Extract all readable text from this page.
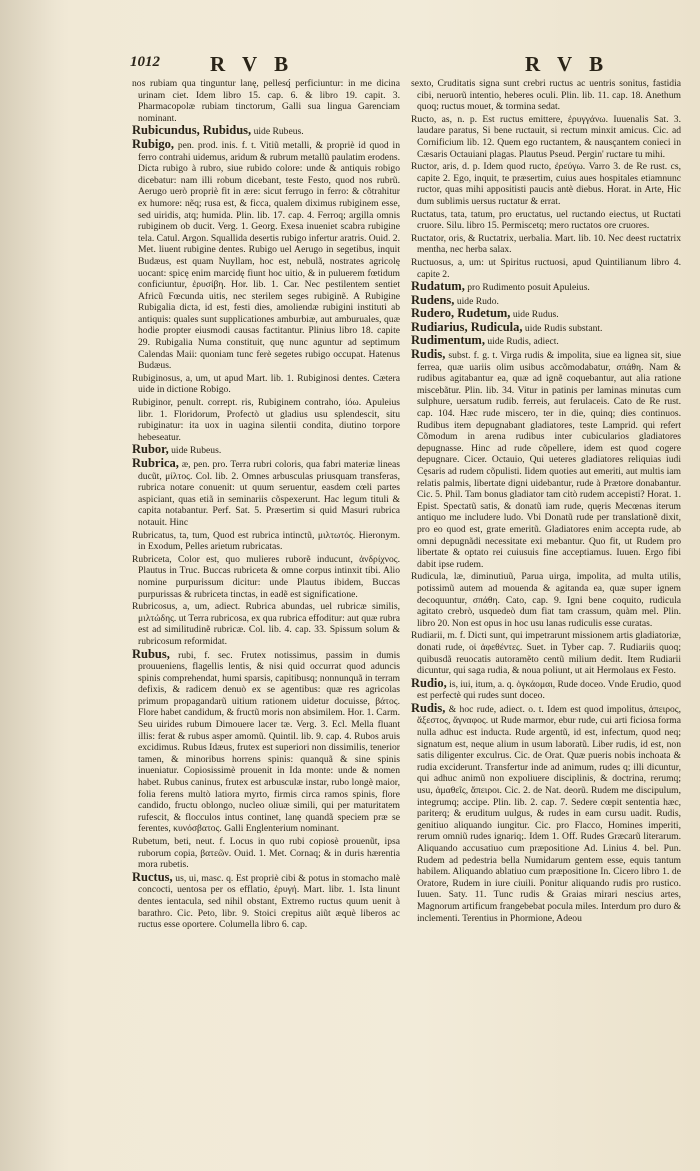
1012 R V B	R V B

nos rubiam qua tinguntur lanę, pellesq́ perficiuntur: in me dicina urinam ciet. Idem libro 15. cap. 6. & libro 19. capit. 3. Pharmacopolæ rubiam tinctorum, Galli sua lingua Garenciam nominant.

Rubicundus, Rubidus, uide Rubeus.

Rubigo, pen. prod. inis. f. t. Vitiũ metalli, & propriè id quod in ferro contrahi uidemus, aridum & rubrum metallũ paulatim erodens. Dicta rubigo à rubro, siue rubido colore: unde & antiquis robigo dicebatur: nam illi robum dicebant, teste Festo, quod nos rubrũ. Aerugo uerò propriè fit in ære: sicut ferrugo in ferro: & cõtrahitur ex humore: nẽq; rusa est, & ficca, qualem diximus rubiginem esse, sed uiridis, atq; humida. Plin. lib. 17. cap. 4. Ferroq; argilla omnis rubiginem ob ducit. Verg. 1. Georg. Exesa inueniet scabra rubigine tela. Catul. Argon. Squallida desertis rubigo infertur aratris. Ouid. 2. Met. liuent rubigine dentes. Rubigo uel Aerugo in segetibus, inquit Budæus, est quam Nuyllam, hoc est, nebulã, nostrates agricolę uocant: spicę enim marcidę fiunt hoc uitio, & in puluerem fœtidum conficiuntur, ἐρυσίβη. Hor. lib. 1. Car. Nec pestilentem sentiet Africũ Fœcunda uitis, nec sterilem seges rubiginẽ. A Rubigine Rubigalia dicta, id est, festi dies, amoliendæ rubigini instituti ab antiquis: quales sunt supplicationes amburbiæ, aut amburuales, quæ hodie propter eiusmodi causas factitantur. Plinius libro 18. capite 29. Rubigalia Numa constituit, quę nunc aguntur ad septimum Calendas Maii: quoniam tunc ferè segetes rubigo occupat. Hatenus Budæus.

Rubiginosus, a, um, ut apud Mart. lib. 1. Rubiginosi dentes. Cætera uide in dictione Robigo.

Rubiginor, penult. corrept. ris, Rubiginem contraho, ἰόω. Apuleius libr. 1. Floridorum, Profectò ut gladius usu splendescit, situ rubiginatur: ita uox in uagina silentii condita, diutino torpore hebeseatur.

Rubor, uide Rubeus.

Rubrica, æ, pen. pro. Terra rubri coloris, qua fabri materiæ lineas ducũt, μίλτος. Col. lib. 2. Omnes arbusculas priusquam transferas, rubrica notare conuenit: ut quum seruentur, easdem cœli partes aspiciant, quas etiã in seminariis cõspexerunt. Hac legum tituli & capita notabantur. Perf. Sat. 5. Præsertim si quid Masuri rubrica notauit. Hinc

Rubricatus, ta, tum, Quod est rubrica intinctũ, μιλτωτός. Hieronym. in Exodum, Pelles arietum rubricatas.

Rubriceta, Color est, quo mulieres ruborẽ inducunt, ἀνδρίχνος. Plautus in Truc. Buccas rubriceta & omne corpus intinxit tibi. Alio nomine purpurissum dicitur: unde Plautus ibidem, Buccas purpurissas & rubriceta tinctas, in eadẽ est significatione.

Rubricosus, a, um, adiect. Rubrica abundas, uel rubricæ similis, μιλτώδης. ut Terra rubricosa, ex qua rubrica effoditur: aut quæ rubra est ad similitudinẽ rubricæ. Col. lib. 4. cap. 33. Spissum solum & rubricosum reformidat.

Rubus, rubi, f. sec. Frutex notissimus, passim in dumis prouueniens, flagellis lentis, & nisi quid occurrat quod aduncis spinis comprehendat, humi sparsis, capitibusq; nonnunquã in terram defixis, & radicem denuò ex se agentibus: quæ res agricolas primum propagandarũ uitium rationem uidetur docuisse, βάτος. Flore habet candidum, & fructũ moris non absimilem. Hor. 1. Carm. Seu uirides rubum Dimouere lacer tæ. Verg. 3. Ecl. Mella fluant illis: ferat & rubus asper amomũ. Quintil. lib. 9. cap. 4. Rubos aruis excidimus. Rubus Idæus, frutex est superiori non dissimilis, tenerior tamen, & minoribus horrens spinis: quanquã & sine spinis inueniatur. Copiosissimè prouenit in Ida monte: unde & nomen habet. Rubus caninus, frutex est arbusculæ instar, rubo longè maior, folia ferens multò latiora myrto, firmis circa ramos spinis, flore candido, fructu oblongo, nucleo oliuæ simili, qui per maturitatem rufescit, & flocculos intus continet, lanę quandã speciem præ se ferentes, κυνόσβατος. Galli Englenterium nominant.

Rubetum, beti, neut. f. Locus in quo rubi copiosè prouenũt, ipsa ruborum copia, βατεῶν. Ouid. 1. Met. Cornaq; & in duris hærentia mora rubetis.

Ructus, us, ui, masc. q. Est propriè cibi & potus in stomacho malè concocti, uentosa per os efflatio, ἐρυγή. Mart. libr. 1. Ista linunt dentes ientacula, sed nihil obstant, Extremo ructus quum uenit à barathro. Cic. Peto, libr. 9. Stoici crepitus aiũt æquè liberos ac ructus esse oportere. Columella libro 6. cap.

sexto, Cruditatis signa sunt crebri ructus ac uentris sonitus, fastidia cibi, neruorũ intentio, heberes oculi. Plin. lib. 11. cap. 18. Anethum quoq; ructus mouet, & tormina sedat.

Ructo, as, n. p. Est ructus emittere, ἐρυγγάνω. Iuuenalis Sat. 3. laudare paratus, Si bene ructauit, si rectum minxit amicus. Cic. ad Cornificium lib. 12. Quem ego ructantem, & nausçantem conieci in Cæsaris Octauiani plagas. Plautus Pseud. Pergin' ructare tu mihi.

Ructor, aris, d. p. Idem quod ructo, ἐρεύγω. Varro 3. de Re rust. cs, capite 2. Ego, inquit, te præsertim, cuius aues hospitales etiamnunc ructor, quas mihi appositisti paucis antè diebus. Horat. in Arte, Hic dum sublimis uersus ructatur & errat.

Ructatus, tata, tatum, pro eructatus, uel ructando eiectus, ut Ructati cruore. Silu. libro 15. Permiscetq; mero ructatos ore cruores.

Ructator, oris, & Ructatrix, uerbalia. Mart. lib. 10. Nec deest ructatrix mentha, nec herba salax.

Ructuosus, a, um: ut Spiritus ructuosi, apud Quintilianum libro 4. capite 2.

Rudatum, pro Rudimento posuit Apuleius.

Rudens, uide Rudo.

Rudero, Rudetum, uide Rudus.

Rudiarius, Rudicula, uide Rudis substant.

Rudimentum, uide Rudis, adiect.

Rudis, subst. f. g. t. Virga rudis & impolita, siue ea lignea sit, siue ferrea, quæ uariis olim usibus accõmodabatur, σπάθη. Nam & rudibus agitabantur ea, quæ ad ignẽ coquebantur, aut alia ratione miscebãtur. Plin. lib. 34. Vitur in patinis per laminas minutas cum sulphure, uersatum rudib. ferreis, aut ferulaceis. Cato de Re rust. cap. 104. Hæc rude miscero, ter in die, quinq; dies continuos. Rudibus item depugnabant gladiatores, teste Lamprid. qui refert Cõmodum in arena rudibus inter cubicularios gladiatores depugnasse. Hinc ad rude cõpellere, idem est quod cogere depugnare. Cicer. Octauio, Qui ueteres gladiatores reliquias iudi Cęsaris ad rudem cõpulisti. Iidem quoties aut emeriti, aut multis iam relatis palmis, libertate digni uidebantur, rude à Prætore donabantur. Cic. 5. Phil. Tam bonus gladiator tam citò rudem accepisti? Horat. 1. Epist. Spectatũ satis, & donatũ iam rude, quęris Mecœnas iterum antiquo me includere ludo. Vbi Donatũ rude per translationẽ dixit, pro eo quod est, grate emeritũ. Gladiatores enim accepta rude, ab omni depugnãdi necessitate exi mebantur. Quo fit, ut Rudem pro libertate & optato rei cuiusuis fine acceptiamus. Iuuen. Ergo fibi dabit ipse rudem.

Rudicula, læ, diminutiuũ, Parua uirga, impolita, ad multa utilis, potissimũ autem ad mouenda & agitanda ea, quæ super ignem decoquuntur, σπάθη. Cato, cap. 9. Igni bene coquito, rudicula agitato crebrò, usquedeò dum fiat tam crassum, quàm mel. Plin. libro 20. Non est opus in hoc usu lanas rudiculis esse curatas.

Rudiarii, m. f. Dicti sunt, qui impetrarunt missionem artis gladiatoriæ, donati rude, οἱ ἀφεθέντες. Suet. in Tyber cap. 7. Rudiariis quoq; quibusdã reuocatis autoramẽto centũ milium dedit. Item Rudiarii dicuntur, qui saga rudia, & noua poliunt, ut ait Hermolaus ex Festo.

Rudio, is, iui, itum, a. q. ὀγκάομαι, Rude doceo. Vnde Erudio, quod est perfectè qui rudes sunt doceo.

Rudis, & hoc rude, adiect. o. t. Idem est quod impolitus, ἀπειρος, ἄξεστος, ἄγναφος. ut Rude marmor, ebur rude, cui arti ficiosa forma nulla adhuc est inducta. Rude argentũ, id est, infectum, quod neq; signatum est, neque alium in usum laboratũ. Liber rudis, id est, non satis diligenter exculrus. Cic. de Orat. Quæ pueris nobis inchoata & rudia exciderunt. Transfertur inde ad animum, rudes q; illi dicuntur, qui adhuc animũ non expoliuere disciplinis, & doctrina, rerumq; usu, ἀμαθεῖς, ἄπειροι. Cic. 2. de Nat. deorũ. Rudem me discipulum, integrumq; accipe. Plin. lib. 2. cap. 7. Sedere cœpit sententia hæc, pariterq; & eruditum uulgus, & rudes in eam cursu uadit. Rudis, genitiuo aliquando iungitur. Cic. pro Flacco, Homines imperiti, rerum omniũ rudes ignariq;. Idem 1. Off. Rudes Græcarũ literarum. Aliquando accusatiuo cum præpositione Ad. Linius 4. bel. Pun. Rudem ad pedestria bella Numidarum gentem esse, equis tantum habilem. Aliquando ablatiuo cum præpositione In. Cicero libro 1. de Oratore, Rudem in iure ciuili. Ponitur aliquando rudis pro rustico. Iuuen. Saty. 11. Tunc rudis & Graias mirari nescius artes, Magnorum artificum frangebebat pocula miles. Interdum pro duro & inclementi. Terentius in Phormione, Adeou
